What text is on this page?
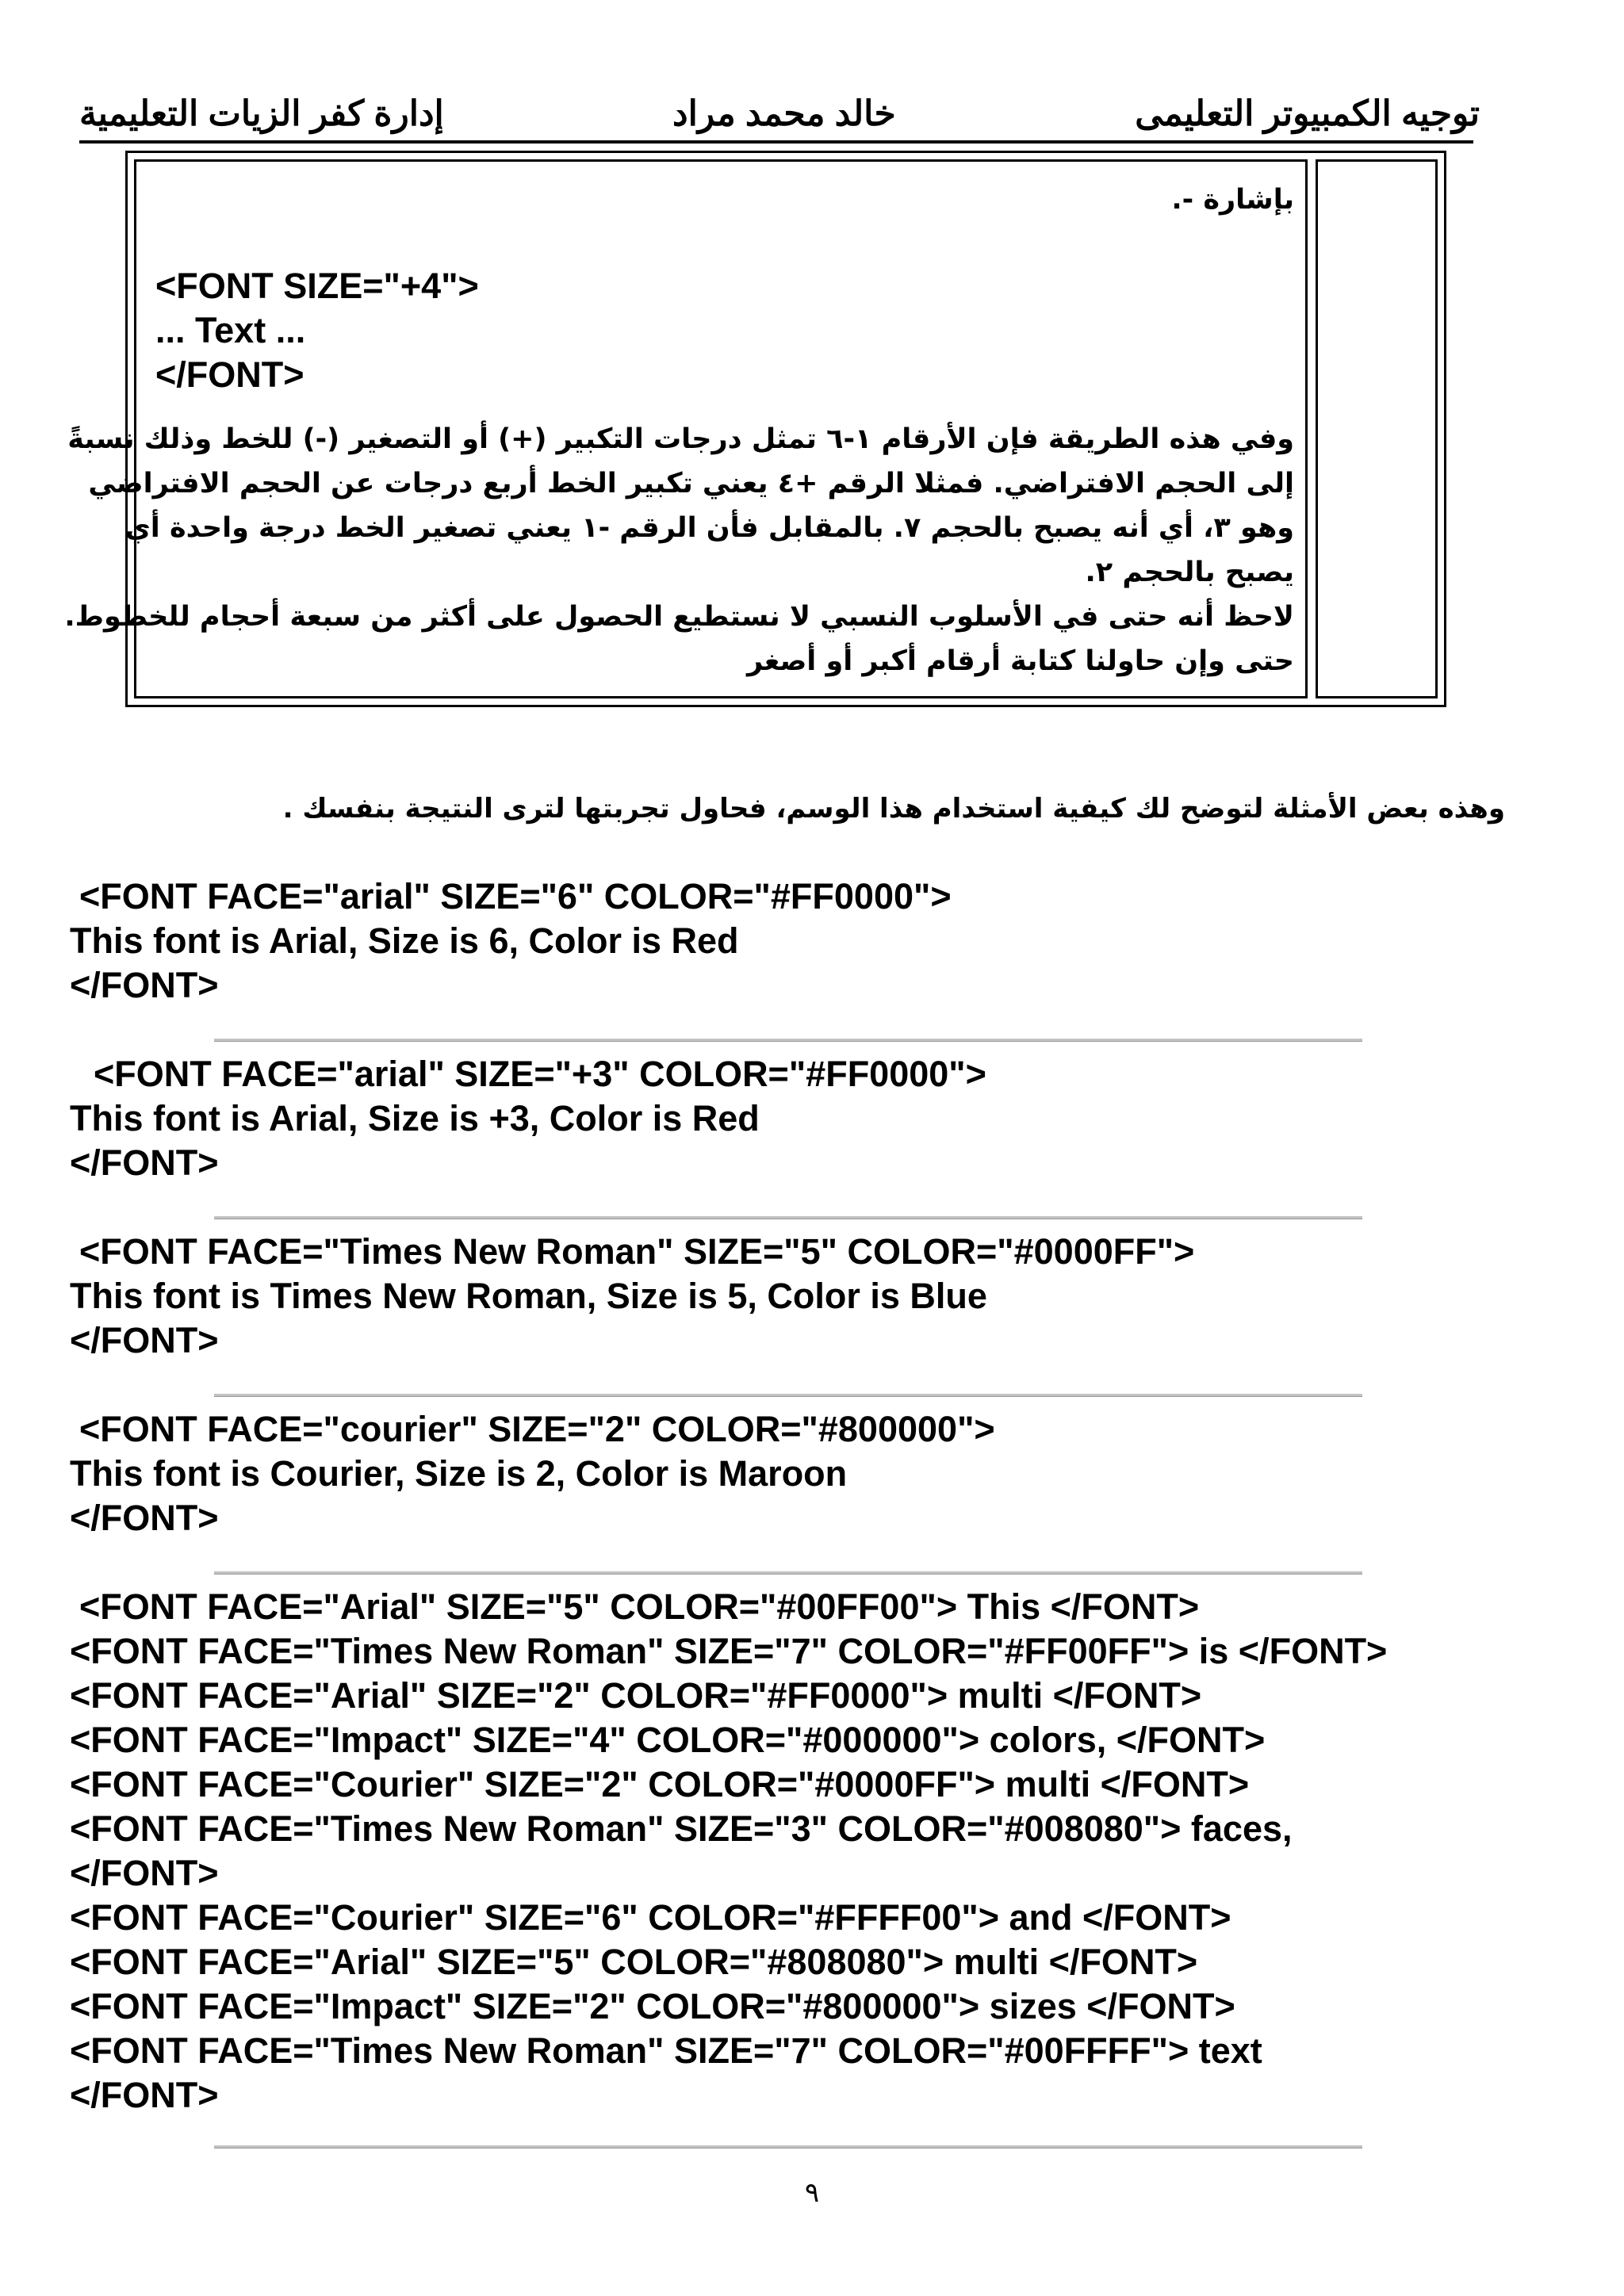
توجيه الكمبيوتر التعليمى
خالد محمد مراد
إدارة كفر الزيات التعليمية
بإشارة -.
<FONT SIZE="+4">
... Text ...
</FONT>
وفي هذه الطريقة فإن الأرقام ١-٦ تمثل درجات التكبير (+) أو التصغير (-) للخط وذلك نسبةً
إلى الحجم الافتراضي. فمثلا الرقم +٤ يعني تكبير الخط أربع درجات عن الحجم الافتراضي
وهو ٣، أي أنه يصبح بالحجم ٧. بالمقابل فأن الرقم -١ يعني تصغير الخط درجة واحدة أي
يصبح بالحجم ٢.
لاحظ أنه حتى في الأسلوب النسبي لا نستطيع الحصول على أكثر من سبعة أحجام للخطوط.
حتى وإن حاولنا كتابة أرقام أكبر أو أصغر
وهذه بعض الأمثلة لتوضح لك كيفية استخدام هذا الوسم، فحاول تجربتها لترى النتيجة بنفسك .
<FONT FACE="arial" SIZE="6" COLOR="#FF0000">
This font is Arial, Size is 6, Color is Red
</FONT>
<FONT FACE="arial" SIZE="+3" COLOR="#FF0000">
This font is Arial, Size is +3, Color is Red
</FONT>
<FONT FACE="Times New Roman" SIZE="5" COLOR="#0000FF">
This font is Times New Roman, Size is 5, Color is Blue
</FONT>
<FONT FACE="courier" SIZE="2" COLOR="#800000">
This font is Courier, Size is 2, Color is Maroon
</FONT>
<FONT FACE="Arial" SIZE="5" COLOR="#00FF00"> This </FONT>
<FONT FACE="Times New Roman" SIZE="7" COLOR="#FF00FF"> is </FONT>
<FONT FACE="Arial" SIZE="2" COLOR="#FF0000"> multi </FONT>
<FONT FACE="Impact" SIZE="4" COLOR="#000000"> colors, </FONT>
<FONT FACE="Courier" SIZE="2" COLOR="#0000FF"> multi </FONT>
<FONT FACE="Times New Roman" SIZE="3" COLOR="#008080"> faces,
</FONT>
<FONT FACE="Courier" SIZE="6" COLOR="#FFFF00"> and </FONT>
<FONT FACE="Arial" SIZE="5" COLOR="#808080"> multi </FONT>
<FONT FACE="Impact" SIZE="2" COLOR="#800000"> sizes </FONT>
<FONT FACE="Times New Roman" SIZE="7" COLOR="#00FFFF"> text
</FONT>
٩
